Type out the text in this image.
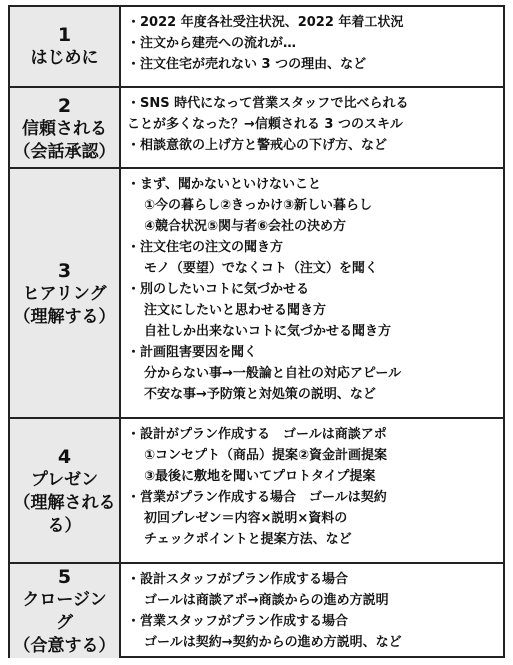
1
はじめに
・2022 年度各社受注状況、2022 年着工状況
・注文から建売への流れが…
・注文住宅が売れない 3 つの理由、など
2
信頼される
（会話承認）
・SNS 時代になって営業スタッフで比べられる
ことが多くなった？→信頼される 3 つのスキル
・相談意欲の上げ方と警戒心の下げ方、など
3
ヒアリング
（理解する）
・まず、聞かないといけないこと
①今の暮らし②きっかけ③新しい暮らし
④競合状況⑤関与者⑥会社の決め方
・注文住宅の注文の聞き方
モノ（要望）でなくコト（注文）を聞く
・別のしたいコトに気づかせる
注文にしたいと思わせる聞き方
自社しか出来ないコトに気づかせる聞き方
・計画阻害要因を聞く
分からない事→一般論と自社の対応アピール
不安な事→予防策と対処策の説明、など
4
プレゼン
（理解される
る）
・設計がプラン作成する　ゴールは商談アポ
①コンセプト（商品）提案②資金計画提案
③最後に敷地を聞いてプロトタイプ提案
・営業がプラン作成する場合　ゴールは契約
初回プレゼン＝内容×説明×資料の
チェックポイントと提案方法、など
5
クロージン
グ
（合意する）
・設計スタッフがプラン作成する場合
ゴールは商談アポ→商談からの進め方説明
・営業スタッフがプラン作成する場合
ゴールは契約→契約からの進め方説明、など
